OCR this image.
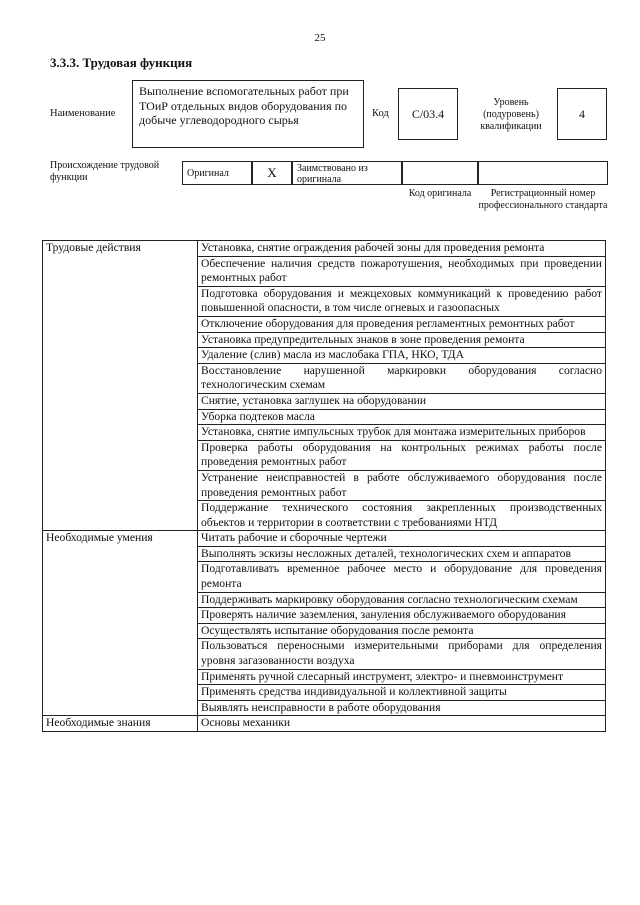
25
3.3.3. Трудовая функция
Наименование
Выполнение вспомогательных работ при ТОиР отдельных видов оборудования по добыче углеводородного сырья	Код	С/03.4
Уровень (подуровень) квалификации
4
Происхождение трудовой функции	Оригинал	X	Заимствовано из оригинала
Код оригинала	Регистрационный номер профессионального стандарта
Трудовые действия	Установка, снятие ограждения рабочей зоны для проведения ремонта
	Обеспечение наличия средств пожаротушения, необходимых при проведении ремонтных работ
	Подготовка оборудования и межцеховых коммуникаций к проведению работ повышенной опасности, в том числе огневых и газоопасных
	Отключение оборудования для проведения регламентных ремонтных работ
	Установка предупредительных знаков в зоне проведения ремонта
	Удаление (слив) масла из маслобака ГПА, НКО, ТДА
	Восстановление нарушенной маркировки оборудования согласно технологическим схемам
	Снятие, установка заглушек на оборудовании
	Уборка подтеков масла
	Установка, снятие импульсных трубок для монтажа измерительных приборов
	Проверка работы оборудования на контрольных режимах работы после проведения ремонтных работ
	Устранение неисправностей в работе обслуживаемого оборудования после проведения ремонтных работ
	Поддержание технического состояния закрепленных производственных объектов и территории в соответствии с требованиями НТД
Необходимые умения	Читать рабочие и сборочные чертежи
	Выполнять эскизы несложных деталей, технологических схем и аппаратов
	Подготавливать временное рабочее место и оборудование для проведения ремонта
	Поддерживать маркировку оборудования согласно технологическим схемам
	Проверять наличие заземления, зануления обслуживаемого оборудования
	Осуществлять испытание оборудования после ремонта
	Пользоваться переносными измерительными приборами для определения уровня загазованности воздуха
	Применять ручной слесарный инструмент, электро- и пневмоинструмент
	Применять средства индивидуальной и коллективной защиты
	Выявлять неисправности в работе оборудования
Необходимые знания	Основы механики
